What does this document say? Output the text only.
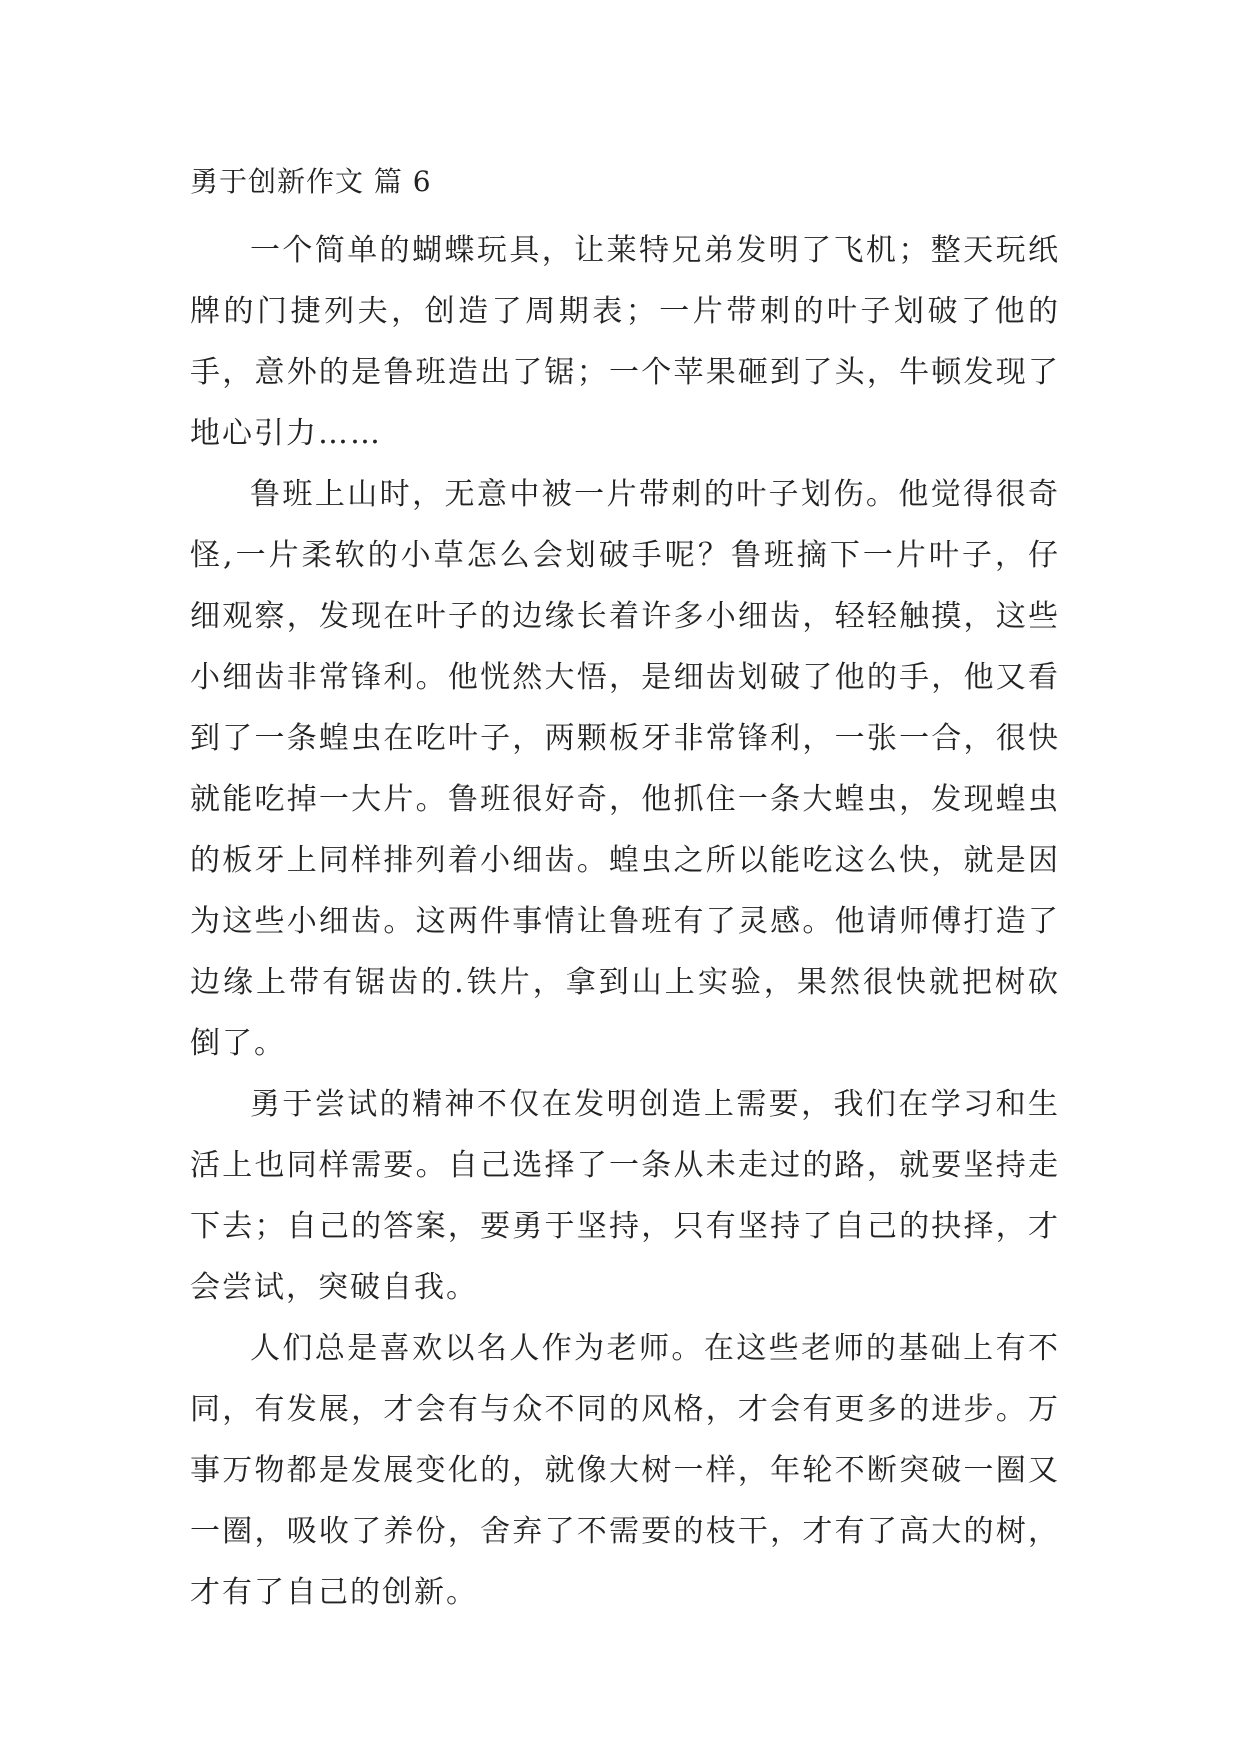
勇于创新作文 篇 6

一个简单的蝴蝶玩具，让莱特兄弟发明了飞机；整天玩纸牌的门捷列夫，创造了周期表；一片带刺的叶子划破了他的手，意外的是鲁班造出了锯；一个苹果砸到了头，牛顿发现了地心引力……

鲁班上山时，无意中被一片带刺的叶子划伤。他觉得很奇怪,一片柔软的小草怎么会划破手呢？鲁班摘下一片叶子，仔细观察，发现在叶子的边缘长着许多小细齿，轻轻触摸，这些小细齿非常锋利。他恍然大悟，是细齿划破了他的手，他又看到了一条蝗虫在吃叶子，两颗板牙非常锋利，一张一合，很快就能吃掉一大片。鲁班很好奇，他抓住一条大蝗虫，发现蝗虫的板牙上同样排列着小细齿。蝗虫之所以能吃这么快，就是因为这些小细齿。这两件事情让鲁班有了灵感。他请师傅打造了边缘上带有锯齿的.铁片，拿到山上实验，果然很快就把树砍倒了。

勇于尝试的精神不仅在发明创造上需要，我们在学习和生活上也同样需要。自己选择了一条从未走过的路，就要坚持走下去；自己的答案，要勇于坚持，只有坚持了自己的抉择，才会尝试，突破自我。

人们总是喜欢以名人作为老师。在这些老师的基础上有不同，有发展，才会有与众不同的风格，才会有更多的进步。万事万物都是发展变化的，就像大树一样，年轮不断突破一圈又一圈，吸收了养份，舍弃了不需要的枝干，才有了高大的树，才有了自己的创新。
